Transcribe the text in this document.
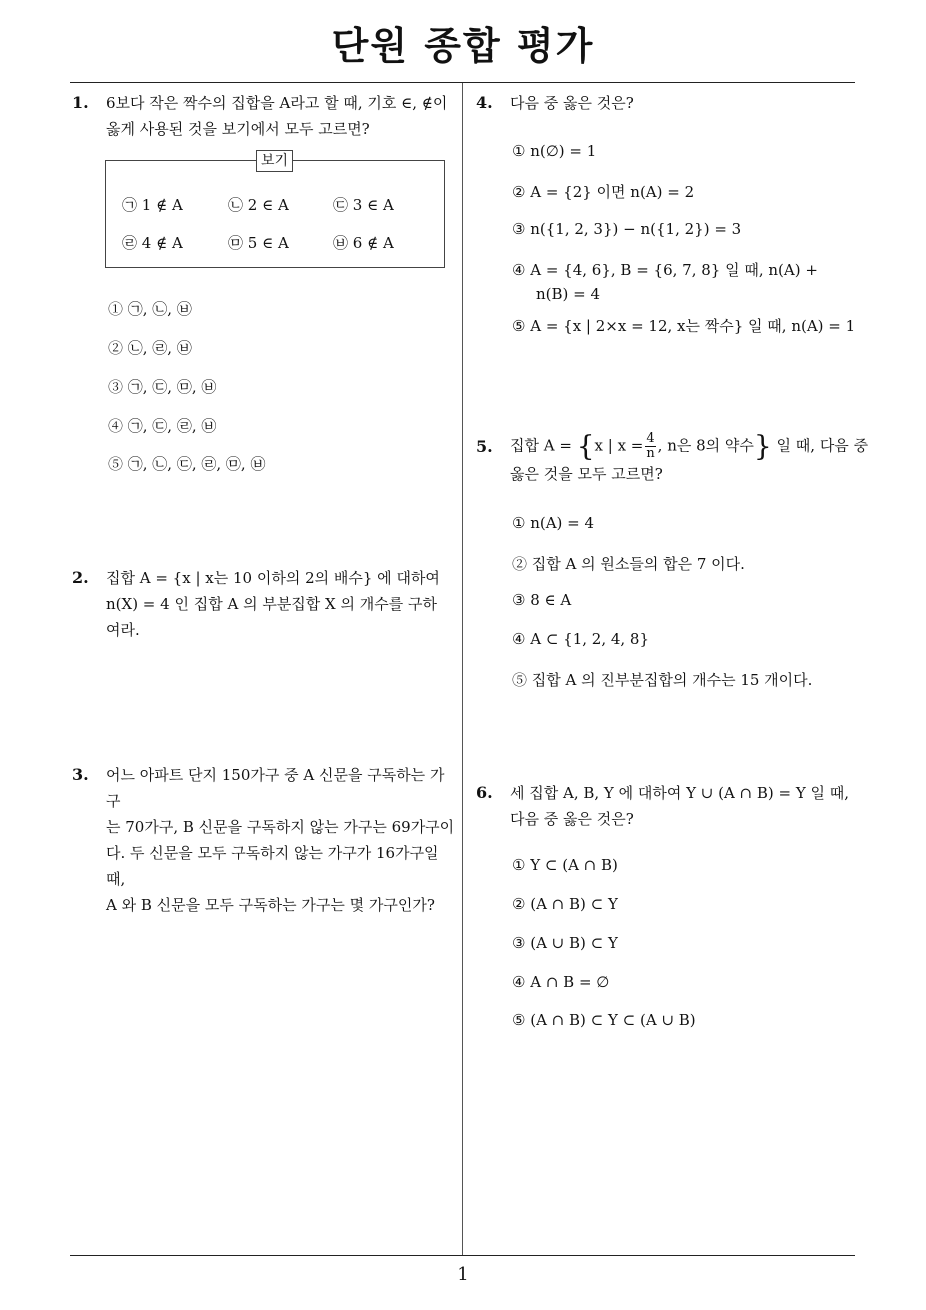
단원 종합 평가
1. 6보다 작은 짝수의 집합을 A라고 할 때, 기호 ∈, ∉이
옳게 사용된 것을 보기에서 모두 고르면?
보기
㉠ 1 ∉ A	㉡ 2 ∈ A	㉢ 3 ∈ A
㉣ 4 ∉ A	㉤ 5 ∈ A	㉥ 6 ∉ A
① ㉠, ㉡, ㉥
② ㉡, ㉣, ㉥
③ ㉠, ㉢, ㉤, ㉥
④ ㉠, ㉢, ㉣, ㉥
⑤ ㉠, ㉡, ㉢, ㉣, ㉤, ㉥
2. 집합 A = {x | x는 10 이하의 2의 배수} 에 대하여
n(X) = 4 인 집합 A 의 부분집합 X 의 개수를 구하
여라.
3. 어느 아파트 단지 150가구 중 A 신문을 구독하는 가구
는 70가구, B 신문을 구독하지 않는 가구는 69가구이
다. 두 신문을 모두 구독하지 않는 가구가 16가구일 때,
A 와 B 신문을 모두 구독하는 가구는 몇 가구인가?
4. 다음 중 옳은 것은?
① n(∅) = 1
② A = {2} 이면 n(A) = 2
③ n({1, 2, 3}) − n({1, 2}) = 3
④ A = {4, 6}, B = {6, 7, 8} 일 때, n(A) +
n(B) = 4
⑤ A = {x | 2×x = 12, x는 짝수} 일 때, n(A) = 1
5. 집합 A = {x | $x = \frac{4}{n}$ , n은 8의 약수} 일 때, 다음 중
옳은 것을 모두 고르면?
① n(A) = 4
② 집합 A 의 원소들의 합은 7 이다.
③ 8 ∈ A
④ A ⊂ {1, 2, 4, 8}
⑤ 집합 A 의 진부분집합의 개수는 15 개이다.
6. 세 집합 A, B, Y 에 대하여 Y ∪ (A ∩ B) = Y 일 때,
다음 중 옳은 것은?
① Y ⊂ (A ∩ B)
② (A ∩ B) ⊂ Y
③ (A ∪ B) ⊂ Y
④ A ∩ B = ∅
⑤ (A ∩ B) ⊂ Y ⊂ (A ∪ B)
1
